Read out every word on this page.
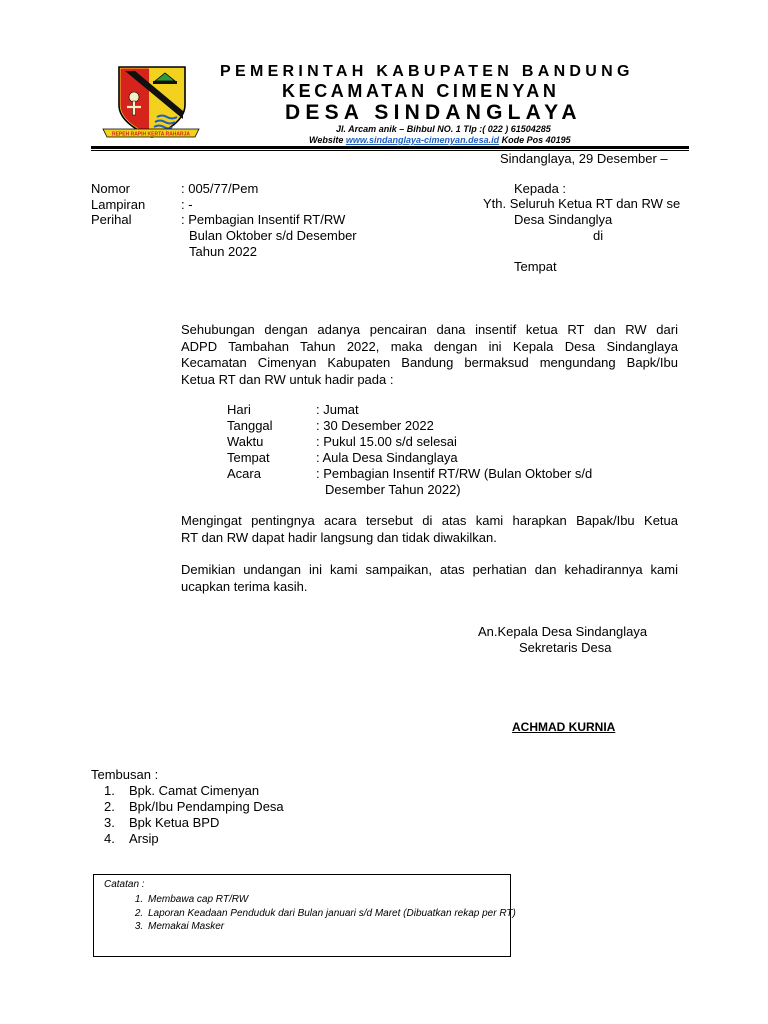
REPEH RAPIH KERTA RAHARJA
PEMERINTAH KABUPATEN BANDUNG
KECAMATAN CIMENYAN
DESA SINDANGLAYA
Jl. Arcam anik – Bihbul NO. 1 Tlp :( 022 ) 61504285
Website www.sindanglaya-cimenyan.desa.id Kode Pos 40195
Sindanglaya, 29 Desember –
Nomor	: 005/77/Pem
Lampiran	: -
Perihal	: Pembagian Insentif RT/RW
Bulan Oktober s/d Desember
Tahun 2022
Kepada :
Yth. Seluruh Ketua RT dan RW se
Desa Sindanglya
di
Tempat
Sehubungan dengan adanya pencairan dana insentif ketua RT dan RW dari
ADPD Tambahan Tahun 2022, maka dengan ini Kepala Desa Sindanglaya
Kecamatan Cimenyan Kabupaten Bandung bermaksud mengundang Bapk/Ibu
Ketua RT dan RW untuk hadir pada :
Hari	: Jumat
Tanggal	: 30 Desember 2022
Waktu	: Pukul 15.00 s/d selesai
Tempat	: Aula Desa Sindanglaya
Acara	: Pembagian Insentif RT/RW (Bulan Oktober s/d
Desember Tahun 2022)
Mengingat pentingnya acara tersebut di atas kami harapkan Bapak/Ibu Ketua
RT dan RW dapat hadir langsung dan tidak diwakilkan.
Demikian undangan ini kami sampaikan, atas perhatian dan kehadirannya kami
ucapkan terima kasih.
An.Kepala Desa Sindanglaya
Sekretaris Desa
ACHMAD KURNIA
Tembusan :
1. Bpk. Camat Cimenyan
2. Bpk/Ibu Pendamping Desa
3. Bpk Ketua BPD
4. Arsip
Catatan :
1. Membawa cap RT/RW
2. Laporan Keadaan Penduduk dari Bulan januari s/d Maret (Dibuatkan rekap per RT)
3. Memakai Masker
